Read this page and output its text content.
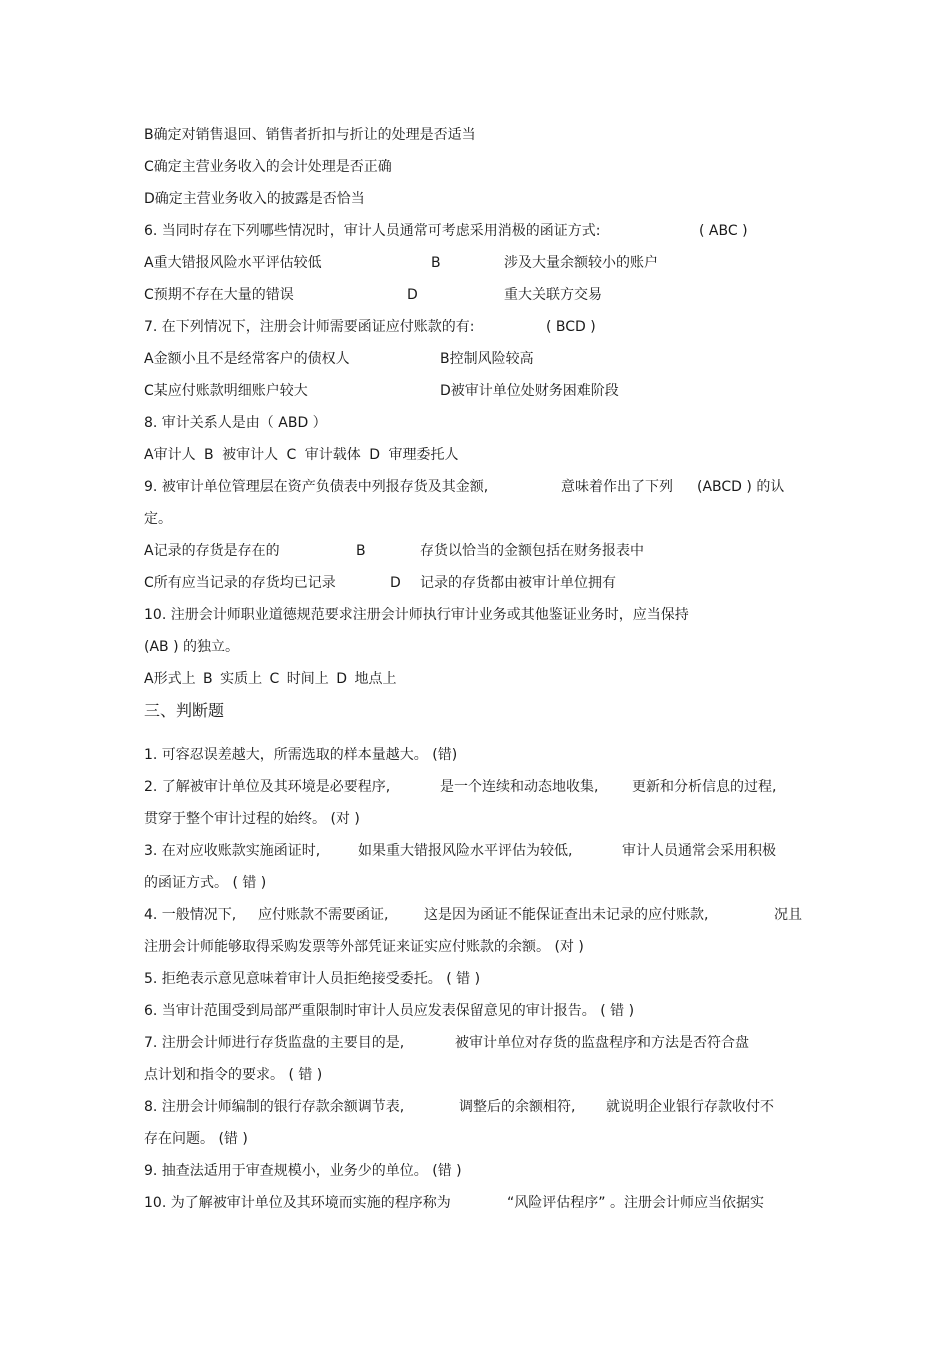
B确定对销售退回、销售者折扣与折让的处理是否适当
C确定主营业务收入的会计处理是否正确
D确定主营业务收入的披露是否恰当
6. 当同时存在下列哪些情况时，审计人员通常可考虑采用消极的函证方式:	( ABC )
A重大错报风险水平评估较低	B	涉及大量余额较小的账户
C预期不存在大量的错误	D	重大关联方交易
7. 在下列情况下，注册会计师需要函证应付账款的有:	( BCD )
A金额小且不是经常客户的债权人	B控制风险较高
C某应付账款明细账户较大	D被审计单位处财务困难阶段
8. 审计关系人是由（ ABD ）
A审计人 B 被审计人 C 审计载体 D 审理委托人
9. 被审计单位管理层在资产负债表中列报存货及其金额,	意味着作出了下列 (ABCD ) 的认
定。
A记录的存货是存在的	B	存货以恰当的金额包括在财务报表中
C所有应当记录的存货均已记录	D 记录的存货都由被审计单位拥有
10. 注册会计师职业道德规范要求注册会计师执行审计业务或其他鉴证业务时，应当保持
(AB ) 的独立。
A形式上 B 实质上 C 时间上 D 地点上
三、判断题
1. 可容忍误差越大，所需选取的样本量越大。 (错)
2. 了解被审计单位及其环境是必要程序,	是一个连续和动态地收集, 更新和分析信息的过程,
贯穿于整个审计过程的始终。 (对 )
3. 在对应收账款实施函证时,	如果重大错报风险水平评估为较低,	审计人员通常会采用积极
的函证方式。 ( 错 )
4. 一般情况下, 应付账款不需要函证,	这是因为函证不能保证查出未记录的应付账款,	况且
注册会计师能够取得采购发票等外部凭证来证实应付账款的余额。 (对 )
5. 拒绝表示意见意味着审计人员拒绝接受委托。 ( 错 )
6. 当审计范围受到局部严重限制时审计人员应发表保留意见的审计报告。 ( 错 )
7. 注册会计师进行存货监盘的主要目的是,	被审计单位对存货的监盘程序和方法是否符合盘
点计划和指令的要求。 ( 错 )
8. 注册会计师编制的银行存款余额调节表,	调整后的余额相符, 就说明企业银行存款收付不
存在问题。 (错 )
9. 抽查法适用于审查规模小，业务少的单位。 (错 )
10. 为了解被审计单位及其环境而实施的程序称为	“风险评估程序” 。注册会计师应当依据实
